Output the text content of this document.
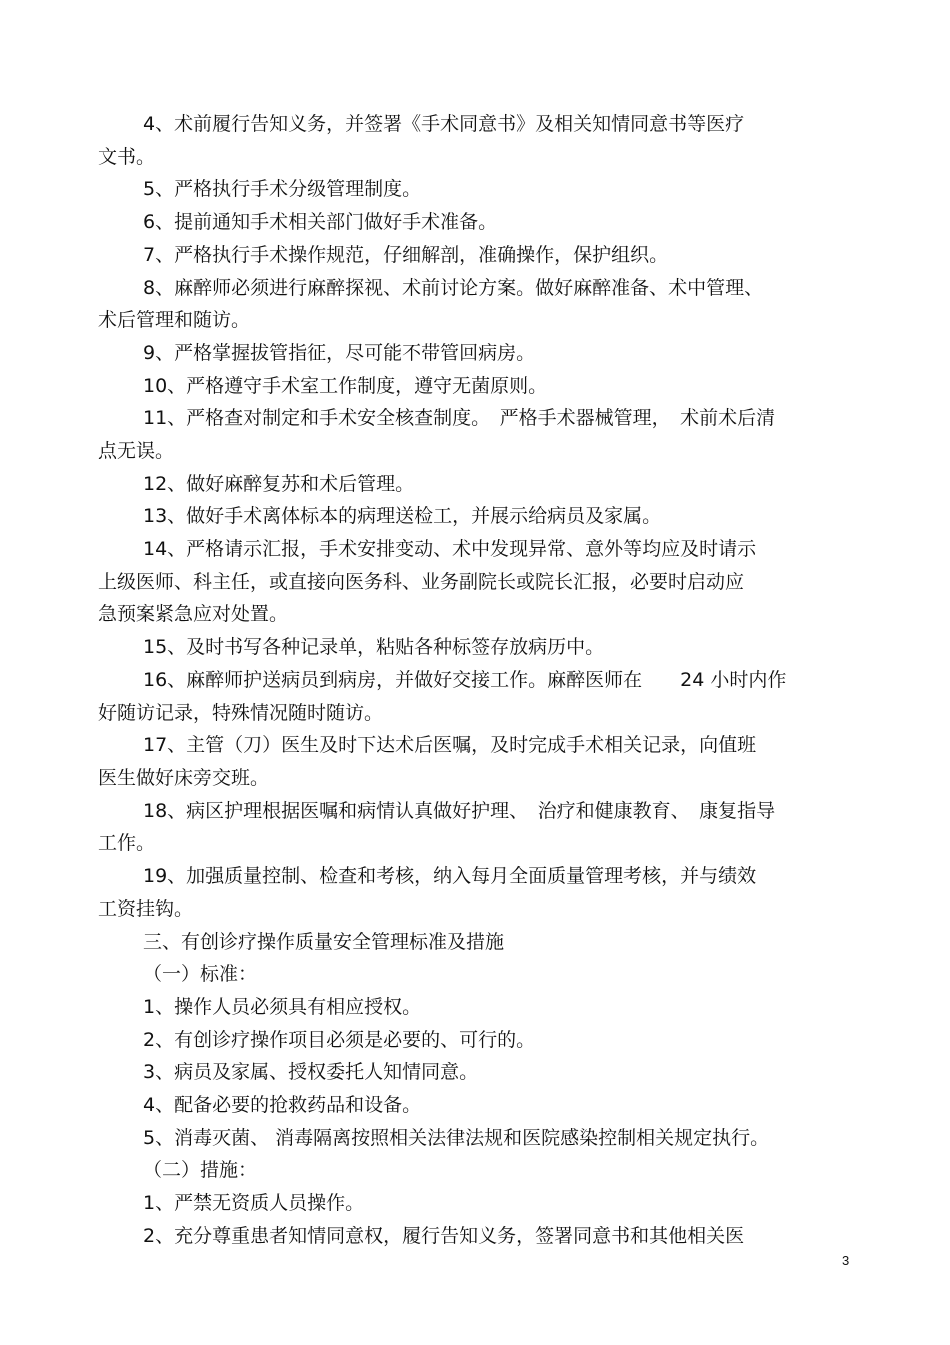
4、术前履行告知义务，并签署《手术同意书》及相关知情同意书等医疗
文书。
5、严格执行手术分级管理制度。
6、提前通知手术相关部门做好手术准备。
7、严格执行手术操作规范，仔细解剖，准确操作，保护组织。
8、麻醉师必须进行麻醉探视、术前讨论方案。做好麻醉准备、术中管理、
术后管理和随访。
9、严格掌握拔管指征，尽可能不带管回病房。
10、严格遵守手术室工作制度，遵守无菌原则。
11、严格查对制定和手术安全核查制度。　严格手术器械管理，　术前术后清
点无误。
12、做好麻醉复苏和术后管理。
13、做好手术离体标本的病理送检工，并展示给病员及家属。
14、严格请示汇报，手术安排变动、术中发现异常、意外等均应及时请示
上级医师、科主任，或直接向医务科、业务副院长或院长汇报，必要时启动应
急预案紧急应对处置。
15、及时书写各种记录单，粘贴各种标签存放病历中。
16、麻醉师护送病员到病房，并做好交接工作。麻醉医师在　　24 小时内作
好随访记录，特殊情况随时随访。
17、主管（刀）医生及时下达术后医嘱，及时完成手术相关记录，向值班
医生做好床旁交班。
18、病区护理根据医嘱和病情认真做好护理、　治疗和健康教育、　康复指导
工作。
19、加强质量控制、检查和考核，纳入每月全面质量管理考核，并与绩效
工资挂钩。
三、有创诊疗操作质量安全管理标准及措施
（一）标准：
1、操作人员必须具有相应授权。
2、有创诊疗操作项目必须是必要的、可行的。
3、病员及家属、授权委托人知情同意。
4、配备必要的抢救药品和设备。
5、消毒灭菌、 消毒隔离按照相关法律法规和医院感染控制相关规定执行。
（二）措施：
1、严禁无资质人员操作。
2、充分尊重患者知情同意权，履行告知义务，签署同意书和其他相关医
3
